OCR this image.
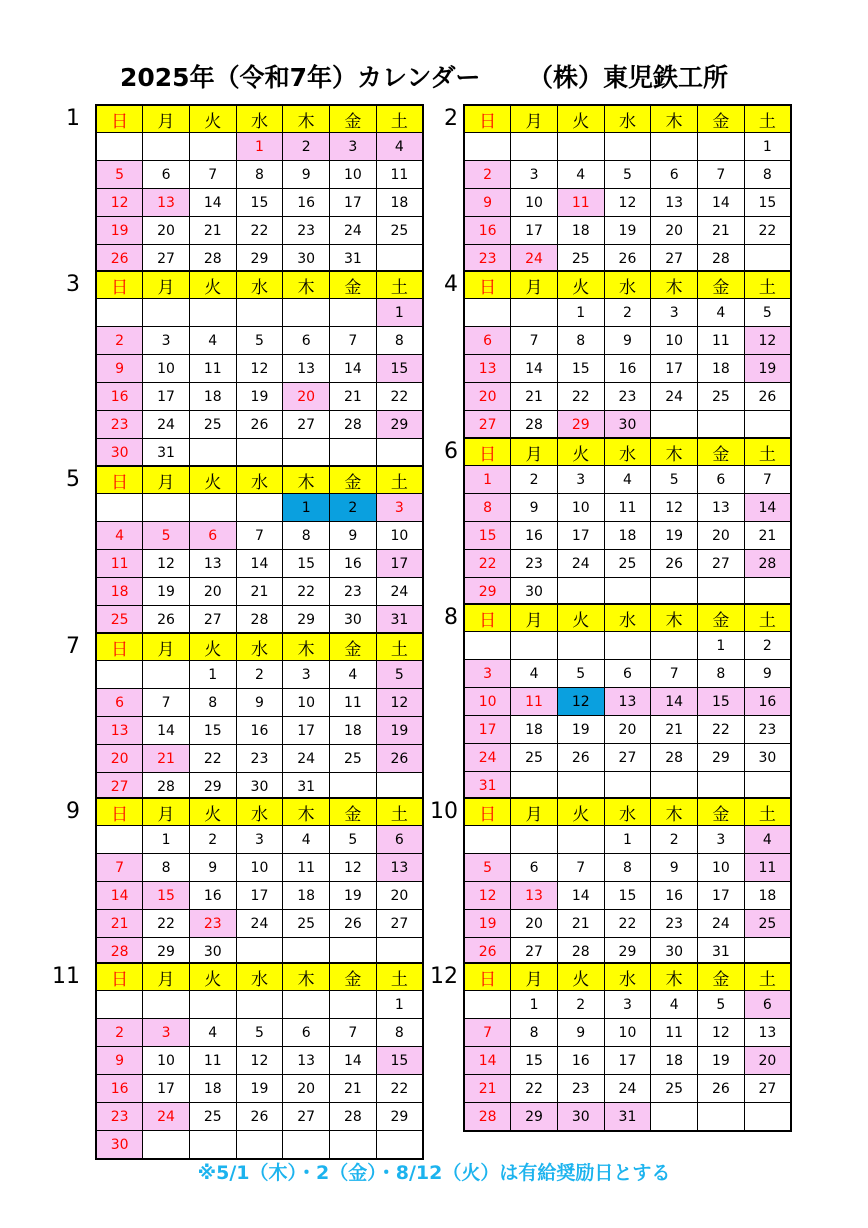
2025年（令和7年）カレンダー （株）東児鉄工所
1 日	月	火	水	木	金	土
			1	2	3	4
5	6	7	8	9	10	11
12	13	14	15	16	17	18
19	20	21	22	23	24	25
26	27	28	29	30	31	
2 日	月	火	水	木	金	土
						1
2	3	4	5	6	7	8
9	10	11	12	13	14	15
16	17	18	19	20	21	22
23	24	25	26	27	28	
3 日	月	火	水	木	金	土
						1
2	3	4	5	6	7	8
9	10	11	12	13	14	15
16	17	18	19	20	21	22
23	24	25	26	27	28	29
30	31					
4 日	月	火	水	木	金	土
		1	2	3	4	5
6	7	8	9	10	11	12
13	14	15	16	17	18	19
20	21	22	23	24	25	26
27	28	29	30			
5 日	月	火	水	木	金	土
				1	2	3
4	5	6	7	8	9	10
11	12	13	14	15	16	17
18	19	20	21	22	23	24
25	26	27	28	29	30	31
6 日	月	火	水	木	金	土
1	2	3	4	5	6	7
8	9	10	11	12	13	14
15	16	17	18	19	20	21
22	23	24	25	26	27	28
29	30					
7 日	月	火	水	木	金	土
		1	2	3	4	5
6	7	8	9	10	11	12
13	14	15	16	17	18	19
20	21	22	23	24	25	26
27	28	29	30	31		
8 日	月	火	水	木	金	土
					1	2
3	4	5	6	7	8	9
10	11	12	13	14	15	16
17	18	19	20	21	22	23
24	25	26	27	28	29	30
31						
9 日	月	火	水	木	金	土
	1	2	3	4	5	6
7	8	9	10	11	12	13
14	15	16	17	18	19	20
21	22	23	24	25	26	27
28	29	30				
10 日	月	火	水	木	金	土
			1	2	3	4
5	6	7	8	9	10	11
12	13	14	15	16	17	18
19	20	21	22	23	24	25
26	27	28	29	30	31	
11 日	月	火	水	木	金	土
						1
2	3	4	5	6	7	8
9	10	11	12	13	14	15
16	17	18	19	20	21	22
23	24	25	26	27	28	29
30						
12 日	月	火	水	木	金	土
	1	2	3	4	5	6
7	8	9	10	11	12	13
14	15	16	17	18	19	20
21	22	23	24	25	26	27
28	29	30	31			
※5/1（木）・2（金）・8/12（火）は有給奨励日とする
